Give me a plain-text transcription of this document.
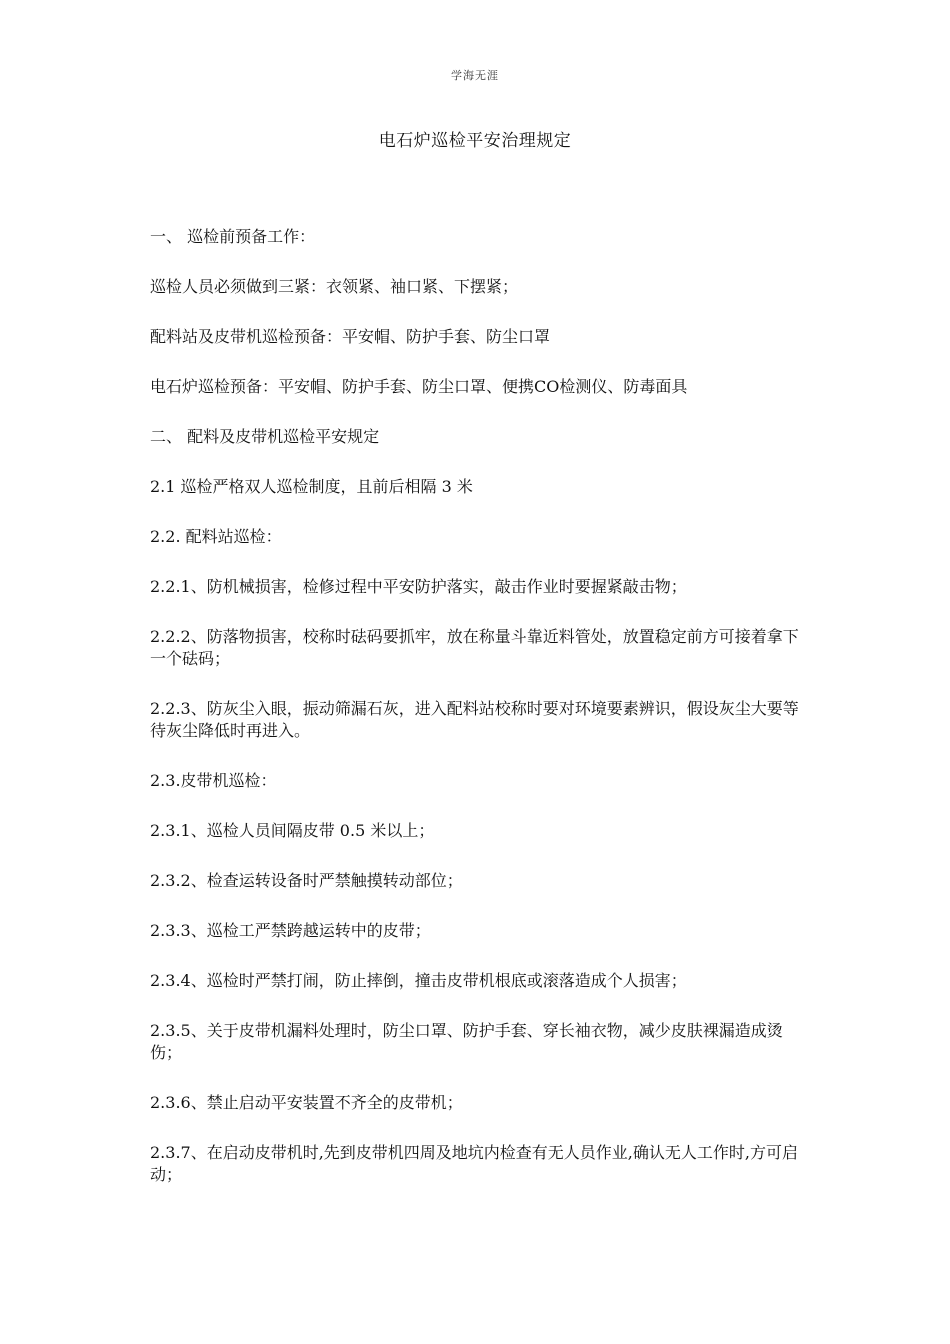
学海无涯
电石炉巡检平安治理规定

一、 巡检前预备工作：

巡检人员必须做到三紧：衣领紧、袖口紧、下摆紧；

配料站及皮带机巡检预备：平安帽、防护手套、防尘口罩

电石炉巡检预备：平安帽、防护手套、防尘口罩、便携CO检测仪、防毒面具

二、 配料及皮带机巡检平安规定

2.1 巡检严格双人巡检制度，且前后相隔 3 米

2.2. 配料站巡检：

2.2.1、防机械损害，检修过程中平安防护落实，敲击作业时要握紧敲击物；

2.2.2、防落物损害，校称时砝码要抓牢，放在称量斗靠近料管处，放置稳定前方可接着拿下一个砝码；

2.2.3、防灰尘入眼，振动筛漏石灰，进入配料站校称时要对环境要素辨识，假设灰尘大要等待灰尘降低时再进入。

2.3.皮带机巡检：

2.3.1、巡检人员间隔皮带 0.5 米以上；

2.3.2、检查运转设备时严禁触摸转动部位；

2.3.3、巡检工严禁跨越运转中的皮带；

2.3.4、巡检时严禁打闹，防止摔倒，撞击皮带机根底或滚落造成个人损害；

2.3.5、关于皮带机漏料处理时，防尘口罩、防护手套、穿长袖衣物，减少皮肤裸漏造成烫伤；

2.3.6、禁止启动平安装置不齐全的皮带机；

2.3.7、在启动皮带机时,先到皮带机四周及地坑内检查有无人员作业,确认无人工作时,方可启动；
